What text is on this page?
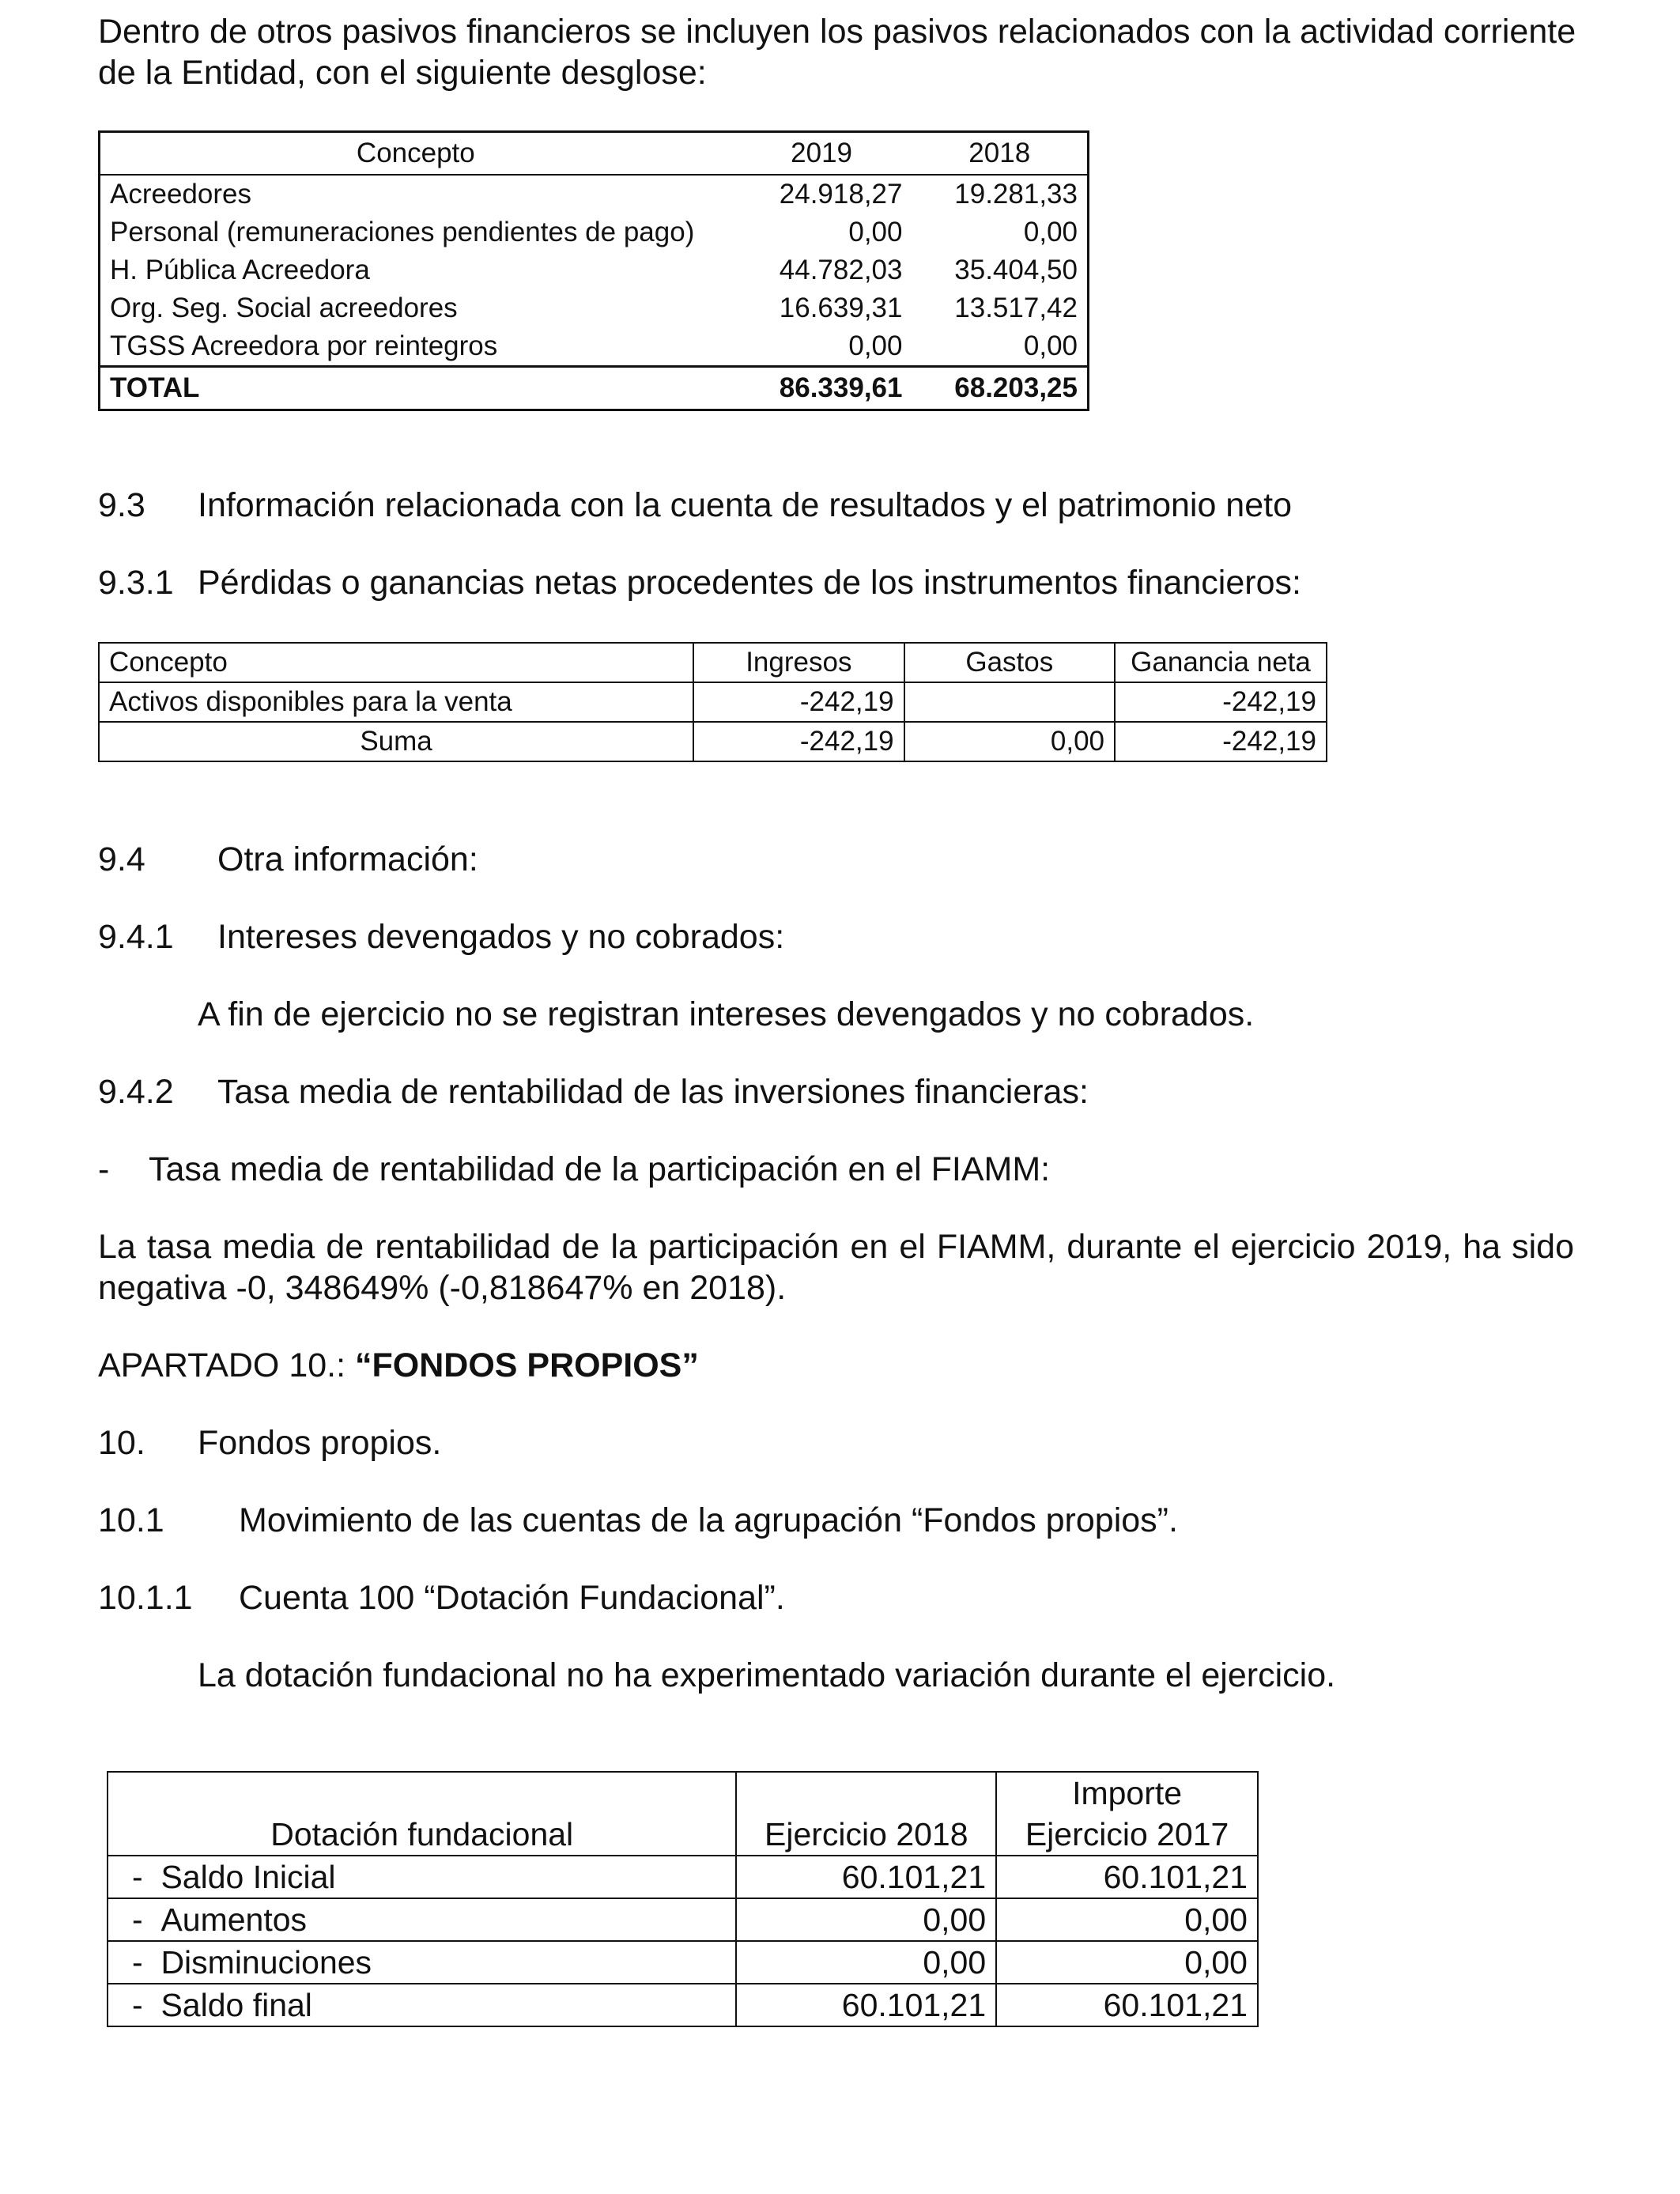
Dentro de otros pasivos financieros se incluyen los pasivos relacionados con la actividad corriente
de la Entidad, con el siguiente desglose:
Concepto	2019	2018
Acreedores	24.918,27	19.281,33
Personal (remuneraciones pendientes de pago)	0,00	0,00
H. Pública Acreedora	44.782,03	35.404,50
Org. Seg. Social acreedores	16.639,31	13.517,42
TGSS Acreedora por reintegros	0,00	0,00
TOTAL	86.339,61	68.203,25
9.3 Información relacionada con la cuenta de resultados y el patrimonio neto
9.3.1 Pérdidas o ganancias netas procedentes de los instrumentos financieros:
Concepto	Ingresos	Gastos	Ganancia neta
Activos disponibles para la venta	-242,19		-242,19
Suma	-242,19	0,00	-242,19
9.4 Otra información:
9.4.1 Intereses devengados y no cobrados:
A fin de ejercicio no se registran intereses devengados y no cobrados.
9.4.2 Tasa media de rentabilidad de las inversiones financieras:
- Tasa media de rentabilidad de la participación en el FIAMM:
La tasa media de rentabilidad de la participación en el FIAMM, durante el ejercicio 2019, ha sido
negativa -0, 348649% (-0,818647% en 2018).
APARTADO 10.: “FONDOS PROPIOS”
10. Fondos propios.
10.1 Movimiento de las cuentas de la agrupación “Fondos propios”.
10.1.1 Cuenta 100 “Dotación Fundacional”.
La dotación fundacional no ha experimentado variación durante el ejercicio.
		Importe
Dotación fundacional	Ejercicio 2018	Ejercicio 2017
- Saldo Inicial	60.101,21	60.101,21
- Aumentos	0,00	0,00
- Disminuciones	0,00	0,00
- Saldo final	60.101,21	60.101,21
